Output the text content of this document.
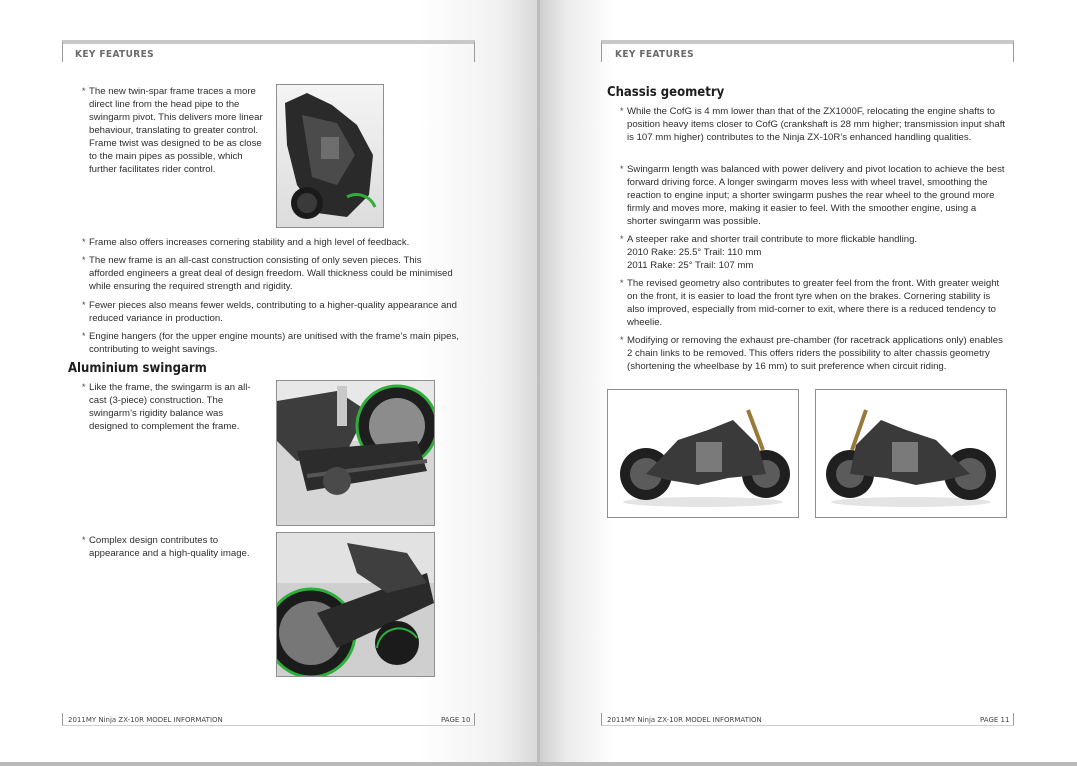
KEY FEATURES
* The new twin-spar frame traces a more direct line from the head pipe to the swingarm pivot. This delivers more linear behaviour, translating to greater control. Frame twist was designed to be as close to the main pipes as possible, which further facilitates rider control.
* Frame also offers increases cornering stability and a high level of feedback.
* The new frame is an all-cast construction consisting of only seven pieces. This afforded engineers a great deal of design freedom. Wall thickness could be minimised while ensuring the required strength and rigidity.
* Fewer pieces also means fewer welds, contributing to a higher-quality appearance and reduced variance in production.
* Engine hangers (for the upper engine mounts) are unitised with the frame’s main pipes, contributing to weight savings.
Aluminium swingarm
* Like the frame, the swingarm is an all-cast (3-piece) construction. The swingarm’s rigidity balance was designed to complement the frame.
* Complex design contributes to appearance and a high-quality image.
2011MY Ninja ZX-10R MODEL INFORMATION	PAGE 10
KEY FEATURES
Chassis geometry
* While the CofG is 4 mm lower than that of the ZX1000F, relocating the engine shafts to position heavy items closer to CofG (crankshaft is 28 mm higher; transmission input shaft is 107 mm higher) contributes to the Ninja ZX-10R’s enhanced handling qualities.
* Swingarm length was balanced with power delivery and pivot location to achieve the best forward driving force. A longer swingarm moves less with wheel travel, smoothing the reaction to engine input; a shorter swingarm pushes the rear wheel to the ground more firmly and moves more, making it easier to feel. With the smoother engine, using a shorter swingarm was possible.
* A steeper rake and shorter trail contribute to more flickable handling.
2010 Rake: 25.5° Trail: 110 mm
2011 Rake: 25° Trail: 107 mm
* The revised geometry also contributes to greater feel from the front. With greater weight on the front, it is easier to load the front tyre when on the brakes. Cornering stability is also improved, especially from mid-corner to exit, where there is a reduced tendency to wheelie.
* Modifying or removing the exhaust pre-chamber (for racetrack applications only) enables 2 chain links to be removed. This offers riders the possibility to alter chassis geometry (shortening the wheelbase by 16 mm) to suit preference when circuit riding.
2011MY Ninja ZX-10R MODEL INFORMATION	PAGE 11
